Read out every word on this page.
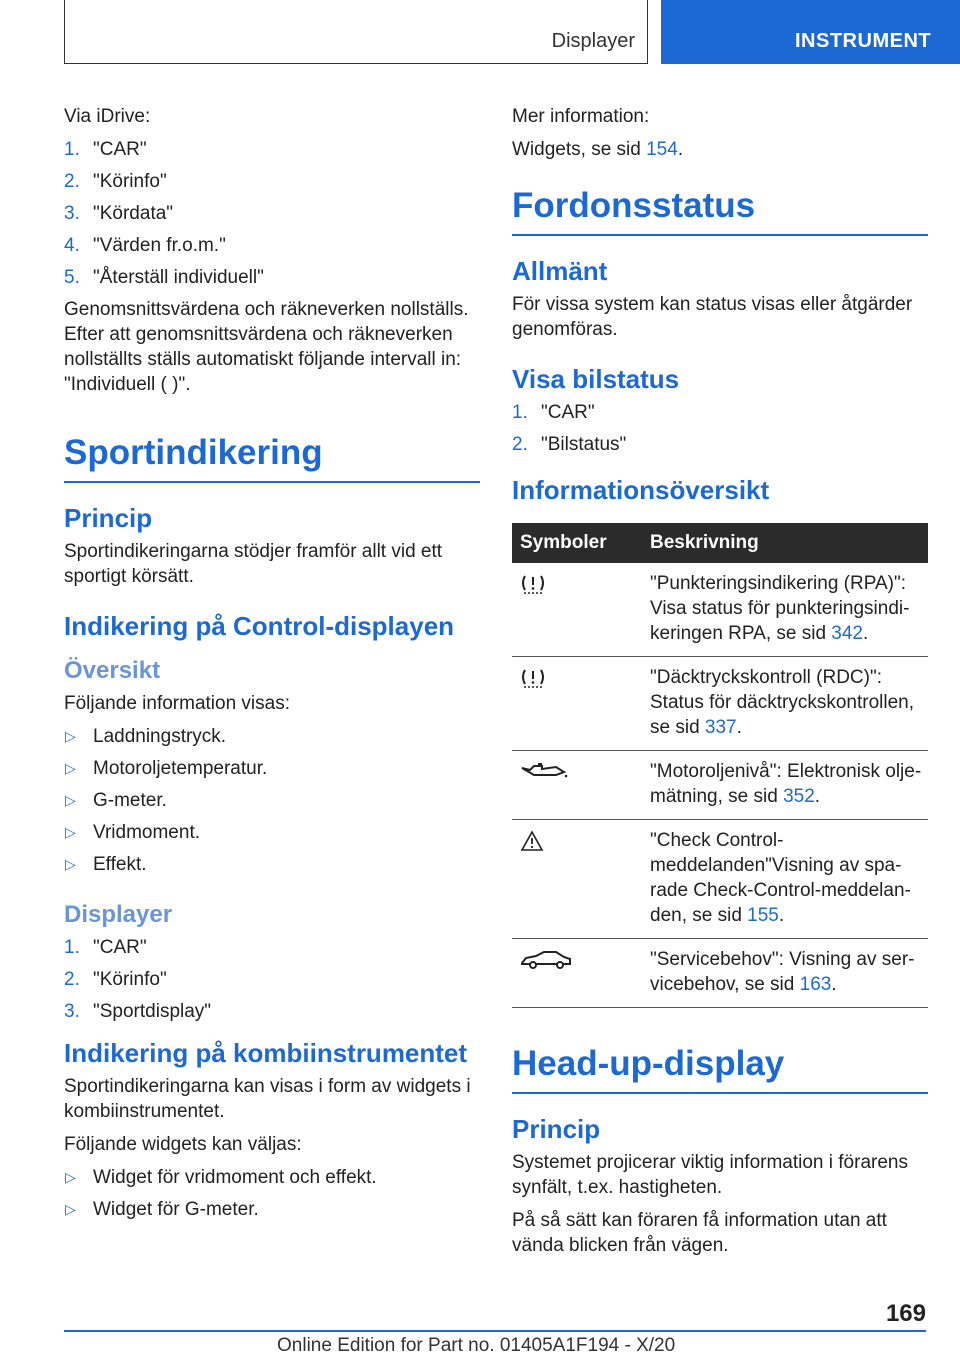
Displayer	INSTRUMENT

Via iDrive:

1. "CAR"
2. "Körinfo"
3. "Kördata"
4. "Värden fr.o.m."
5. "Återställ individuell"

Genomsnittsvärdena och räkneverken nollställs. Efter att genomsnittsvärdena och räkneverken nollställts ställs automatiskt följande intervall in: "Individuell ( )".

Sportindikering
Princip

Sportindikeringarna stödjer framför allt vid ett sportigt körsätt.

Indikering på Control-displayen
Översikt

Följande information visas:

▷ Laddningstryck.
▷ Motoroljetemperatur.
▷ G-meter.
▷ Vridmoment.
▷ Effekt.
Displayer
1. "CAR"
2. "Körinfo"
3. "Sportdisplay"
Indikering på kombiinstrumentet

Sportindikeringarna kan visas i form av widgets i kombiinstrumentet.

Följande widgets kan väljas:

▷ Widget för vridmoment och effekt.
▷ Widget för G-meter.

Mer information:

Widgets, se sid 154.

Fordonsstatus
Allmänt

För vissa system kan status visas eller åtgärder genomföras.

Visa bilstatus
1. "CAR"
2. "Bilstatus"
Informationsöversikt
Symboler	Beskrivning
	"Punkteringsindikering (RPA)": Visa status för punkteringsindikeringen RPA, se sid 342.
	"Däcktryckskontroll (RDC)": Status för däcktryckskontrollen, se sid 337.
	"Motoroljenivå": Elektronisk oljemätning, se sid 352.
	"Check Control-meddelanden"Visning av sparade Check-Control-meddelanden, se sid 155.
	"Servicebehov": Visning av servicebehov, se sid 163.
Head-up-display
Princip

Systemet projicerar viktig information i förarens synfält, t.ex. hastigheten.

På så sätt kan föraren få information utan att vända blicken från vägen.

169
Online Edition for Part no. 01405A1F194 - X/20
